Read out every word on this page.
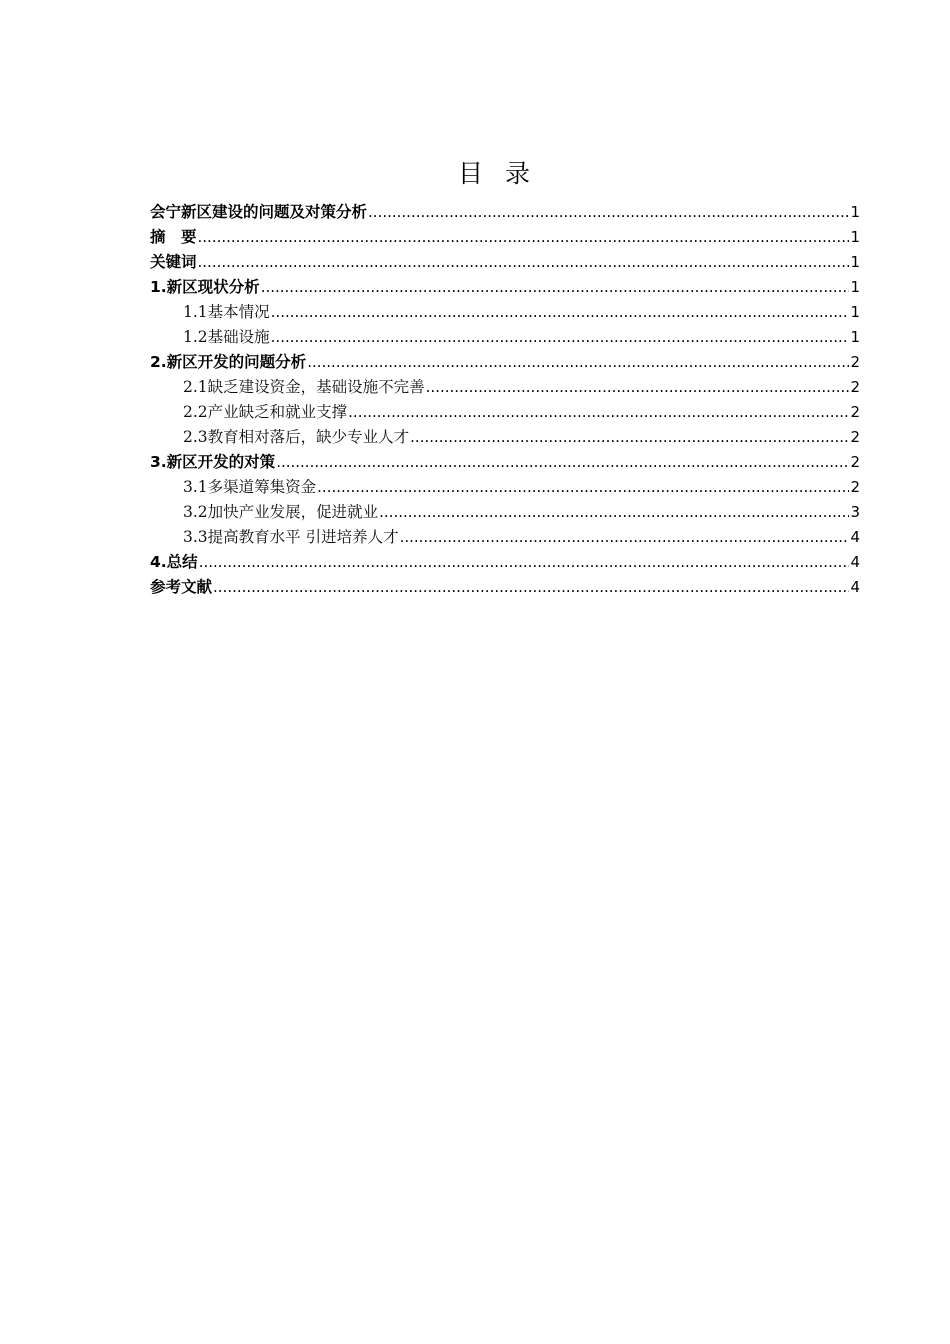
目录
会宁新区建设的问题及对策分析 .....	1
摘　要 .....	1
关键词 .....	1
1.新区现状分析 .....	1
1.1基本情况 .....	1
1.2基础设施 .....	1
2.新区开发的问题分析 .....	2
2.1缺乏建设资金，基础设施不完善 .....	2
2.2产业缺乏和就业支撑 .....	2
2.3教育相对落后，缺少专业人才 .....	2
3.新区开发的对策 .....	2
3.1多渠道筹集资金 .....	2
3.2加快产业发展，促进就业 .....	3
3.3提高教育水平 引进培养人才 .....	4
4.总结 .....	4
参考文献 .....	4
